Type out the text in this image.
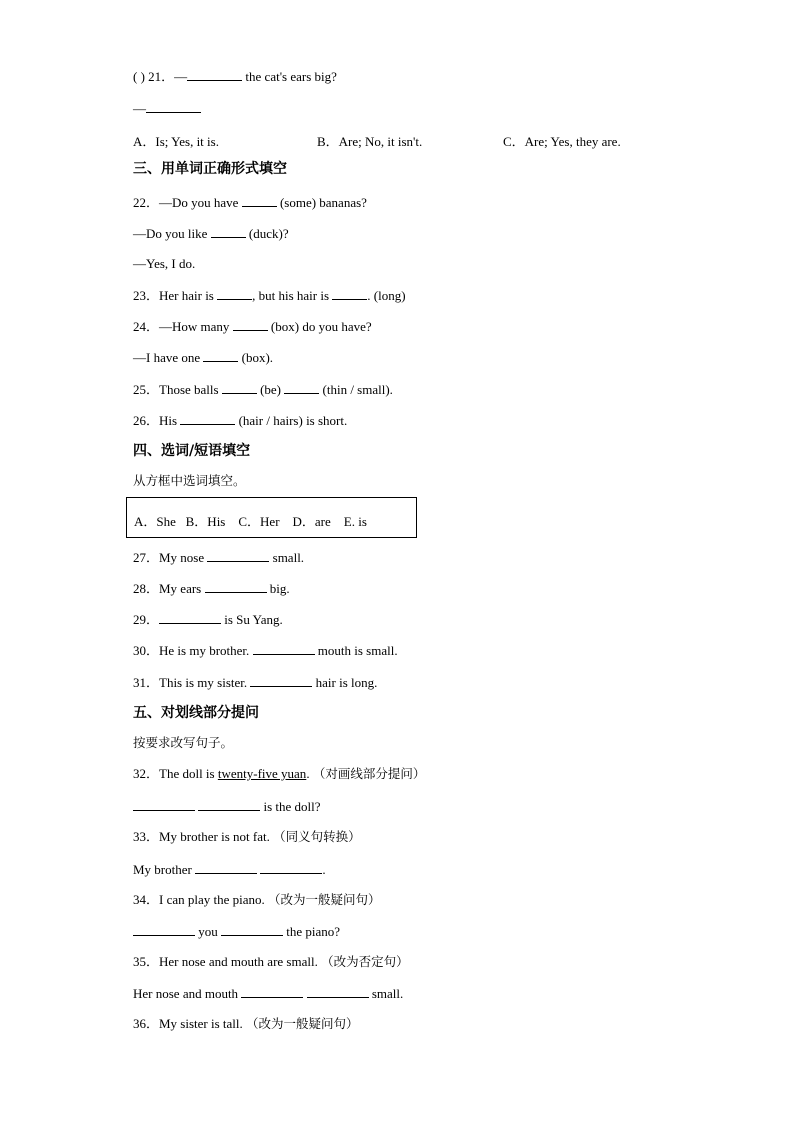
( ) 21．—	the cat's ears big?
—
A．Is; Yes, it is.	B．Are; No, it isn't.	C．Are; Yes, they are.
三、用单词正确形式填空
22．—Do you have	(some) bananas?
—Do you like	(duck)?
—Yes, I do.
23．Her hair is	, but his hair is	. (long)
24．—How many	(box) do you have?
—I have one	(box).
25．Those balls	(be)	(thin / small).
26．His	(hair / hairs) is short.
四、选词/短语填空
从方框中选词填空。
A．She   B．His    C．Her    D．are    E. is
27．My nose	small.
28．My ears	big.
29．	is Su Yang.
30．He is my brother.	mouth is small.
31．This is my sister.	hair is long.
五、对划线部分提问
按要求改写句子。
32．The doll is twenty-five yuan. （对画线部分提问）
is the doll?
33．My brother is not fat. （同义句转换）
My brother	.
34．I can play the piano. （改为一般疑问句）
you	the piano?
35．Her nose and mouth are small. （改为否定句）
Her nose and mouth	small.
36．My sister is tall. （改为一般疑问句）
